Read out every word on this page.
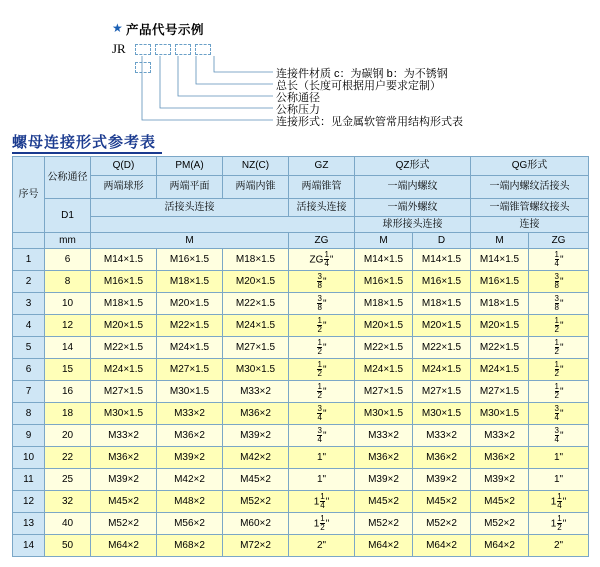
★ 产品代号示例
JR
连接件材质 c：为碳钢 b：为不锈钢
总长（长度可根据用户要求定制）
公称通径
公称压力
连接形式：见金属软管常用结构形式表
螺母连接形式参考表
序号	公称通径	Q(D)	PM(A)	NZ(C)	GZ	QZ形式		QG形式	
		两端球形	两端平面	两端内锥	两端锥管	一端内螺纹		一端内螺纹活接头	
	D1	活接头连接			活接头连接	一端外螺纹		一端锥管螺纹接头	
						球形接头连接		连接	
	mm	M			ZG	M	D	M	ZG
1	6	M14×1.5	M16×1.5	M18×1.5	ZG $\frac{1}{4}$ "	M14×1.5	M14×1.5	M14×1.5	$\frac{1}{4}$ "
2	8	M16×1.5	M18×1.5	M20×1.5	$\frac{3}{8}$ "	M16×1.5	M16×1.5	M16×1.5	$\frac{3}{8}$ "
3	10	M18×1.5	M20×1.5	M22×1.5	$\frac{3}{8}$ "	M18×1.5	M18×1.5	M18×1.5	$\frac{3}{8}$ "
4	12	M20×1.5	M22×1.5	M24×1.5	$\frac{1}{2}$ "	M20×1.5	M20×1.5	M20×1.5	$\frac{1}{2}$ "
5	14	M22×1.5	M24×1.5	M27×1.5	$\frac{1}{2}$ "	M22×1.5	M22×1.5	M22×1.5	$\frac{1}{2}$ "
6	15	M24×1.5	M27×1.5	M30×1.5	$\frac{1}{2}$ "	M24×1.5	M24×1.5	M24×1.5	$\frac{1}{2}$ "
7	16	M27×1.5	M30×1.5	M33×2	$\frac{1}{2}$ "	M27×1.5	M27×1.5	M27×1.5	$\frac{1}{2}$ "
8	18	M30×1.5	M33×2	M36×2	$\frac{3}{4}$ "	M30×1.5	M30×1.5	M30×1.5	$\frac{3}{4}$ "
9	20	M33×2	M36×2	M39×2	$\frac{3}{4}$ "	M33×2	M33×2	M33×2	$\frac{3}{4}$ "
10	22	M36×2	M39×2	M42×2	1"	M36×2	M36×2	M36×2	1"
11	25	M39×2	M42×2	M45×2	1"	M39×2	M39×2	M39×2	1"
12	32	M45×2	M48×2	M52×2	$1 \frac{1}{4}$ "	M45×2	M45×2	M45×2	$1 \frac{1}{4}$ "
13	40	M52×2	M56×2	M60×2	$1 \frac{1}{2}$ "	M52×2	M52×2	M52×2	$1 \frac{1}{2}$ "
14	50	M64×2	M68×2	M72×2	2"	M64×2	M64×2	M64×2	2"
